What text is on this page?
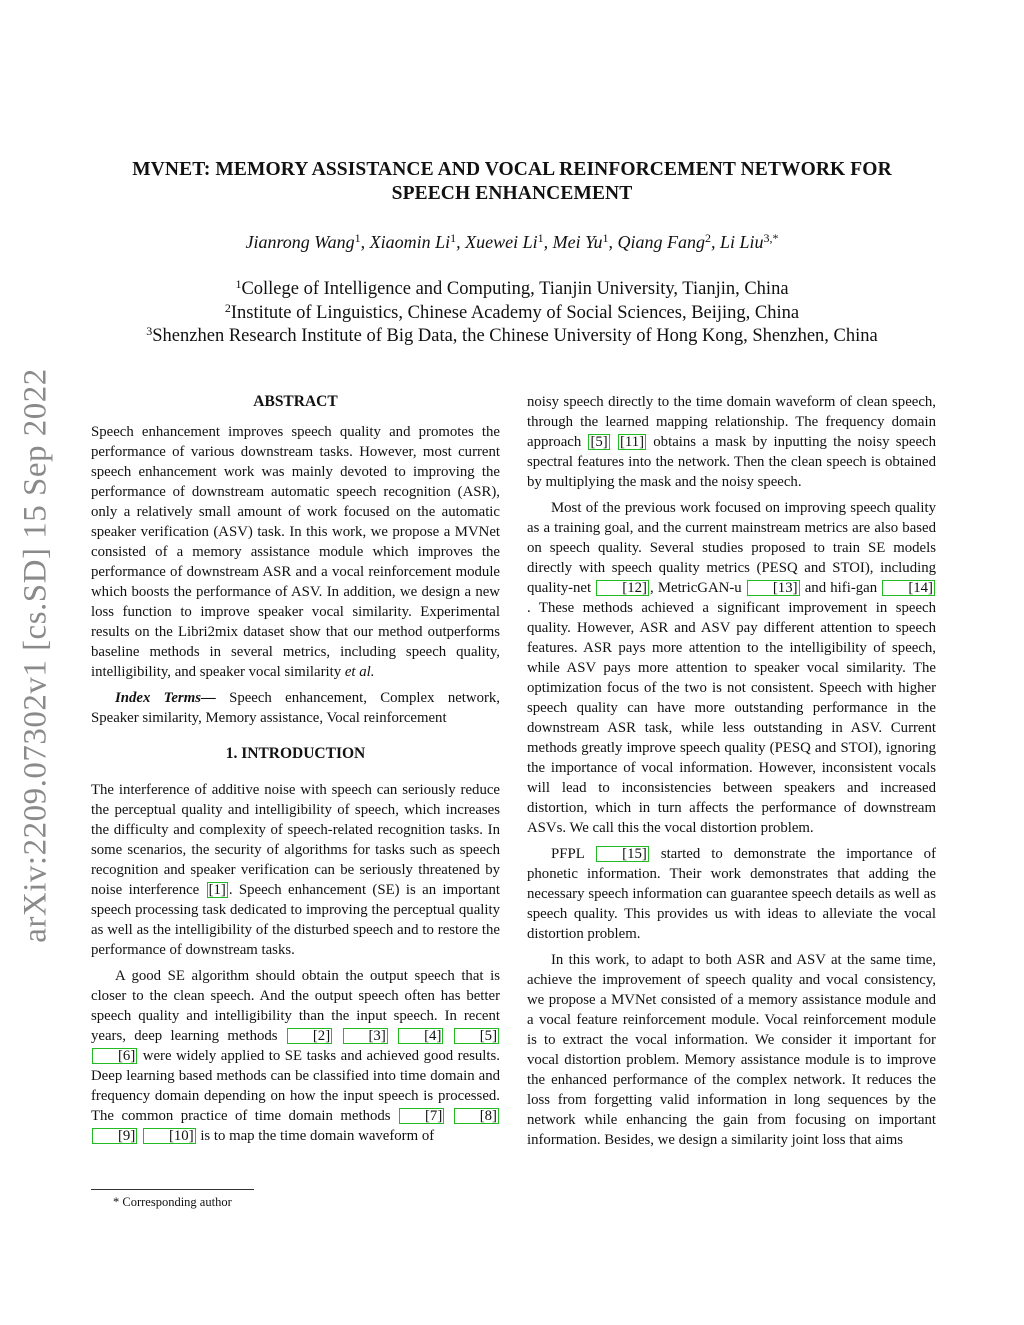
arXiv:2209.07302v1 [cs.SD] 15 Sep 2022
MVNET: MEMORY ASSISTANCE AND VOCAL REINFORCEMENT NETWORK FOR
SPEECH ENHANCEMENT
Jianrong Wang$^1$, Xiaomin Li$^1$, Xuewei Li$^1$, Mei Yu$^1$, Qiang Fang$^2$, Li Liu$^{3,*}$
$^1$College of Intelligence and Computing, Tianjin University, Tianjin, China
$^2$Institute of Linguistics, Chinese Academy of Social Sciences, Beijing, China
$^3$Shenzhen Research Institute of Big Data, the Chinese University of Hong Kong, Shenzhen, China
ABSTRACT

Speech enhancement improves speech quality and promotes the performance of various downstream tasks. However, most current speech enhancement work was mainly devoted to improving the performance of downstream automatic speech recognition (ASR), only a relatively small amount of work focused on the automatic speaker verification (ASV) task. In this work, we propose a MVNet consisted of a memory assistance module which improves the performance of downstream ASR and a vocal reinforcement module which boosts the performance of ASV. In addition, we design a new loss function to improve speaker vocal similarity. Experimental results on the Libri2mix dataset show that our method outperforms baseline methods in several metrics, including speech quality, intelligibility, and speaker vocal similarity et al.

Index Terms— Speech enhancement, Complex network, Speaker similarity, Memory assistance, Vocal reinforcement

1. INTRODUCTION

The interference of additive noise with speech can seriously reduce the perceptual quality and intelligibility of speech, which increases the difficulty and complexity of speech-related recognition tasks. In some scenarios, the security of algorithms for tasks such as speech recognition and speaker verification can be seriously threatened by noise interference [1] . Speech enhancement (SE) is an important speech processing task dedicated to improving the perceptual quality as well as the intelligibility of the disturbed speech and to restore the performance of downstream tasks.

A good SE algorithm should obtain the output speech that is closer to the clean speech. And the output speech often has better speech quality and intelligibility than the input speech. In recent years, deep learning methods [2]	[3]	[4]	[5] [6] were widely applied to SE tasks and achieved good results. Deep learning based methods can be classified into time domain and frequency domain depending on how the input speech is processed. The common practice of time domain methods [7]	[8] [9] [10] is to map the time domain waveform of

noisy speech directly to the time domain waveform of clean speech, through the learned mapping relationship. The frequency domain approach [5] [11] obtains a mask by inputting the noisy speech spectral features into the network. Then the clean speech is obtained by multiplying the mask and the noisy speech.

Most of the previous work focused on improving speech quality as a training goal, and the current mainstream metrics are also based on speech quality. Several studies proposed to train SE models directly with speech quality metrics (PESQ and STOI), including quality-net [12] , MetricGAN-u [13] and hifi-gan [14]. These methods achieved a significant improvement in speech quality. However, ASR and ASV pay different attention to speech features. ASR pays more attention to the intelligibility of speech, while ASV pays more attention to speaker vocal similarity. The optimization focus of the two is not consistent. Speech with higher speech quality can have more outstanding performance in the downstream ASR task, while less outstanding in ASV. Current methods greatly improve speech quality (PESQ and STOI), ignoring the importance of vocal information. However, inconsistent vocals will lead to inconsistencies between speakers and increased distortion, which in turn affects the performance of downstream ASVs. We call this the vocal distortion problem.

PFPL [15] started to demonstrate the importance of phonetic information. Their work demonstrates that adding the necessary speech information can guarantee speech details as well as speech quality. This provides us with ideas to alleviate the vocal distortion problem.

In this work, to adapt to both ASR and ASV at the same time, achieve the improvement of speech quality and vocal consistency, we propose a MVNet consisted of a memory assistance module and a vocal feature reinforcement module. Vocal reinforcement module is to extract the vocal information. We consider it important for vocal distortion problem. Memory assistance module is to improve the enhanced performance of the complex network. It reduces the loss from forgetting valid information in long sequences by the network while enhancing the gain from focusing on important information. Besides, we design a similarity joint loss that aims

* Corresponding author
